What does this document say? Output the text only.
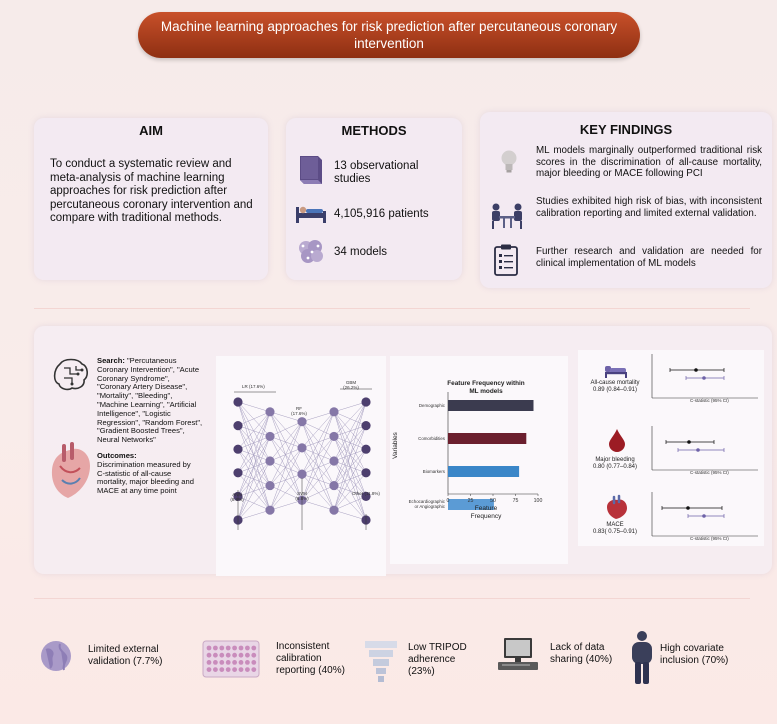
Machine learning approaches for risk prediction after percutaneous coronary intervention
AIM
To conduct a systematic review and meta-analysis of machine learning approaches for risk prediction after percutaneous coronary intervention and compare with traditional methods.
METHODS
13 observational studies
4,105,916 patients
34 models
KEY FINDINGS
ML models marginally outperformed traditional risk scores in the discrimination of all-cause mortality, major bleeding or MACE following PCI
Studies exhibited high risk of bias, with inconsistent calibration reporting and limited external validation.
Further research and validation are needed for clinical implementation of ML models
Search: "Percutaneous Coronary Intervention", "Acute Coronary Syndrome", "Coronary Artery Disease", "Mortality", "Bleeding", "Machine Learning", "Artificial Intelligence", "Logistic Regression", "Random Forest", "Gradient Boosted Trees", Neural Networks"
Outcomes:
Discrimination measured by C-statistic of all-cause mortality, major bleeding and MACE at any time point
LR (17.6%)
GBM (26.2%)
RF (17.6%)
ANN (8.8%)
SVM (8.8%)
Other (11.8%)
Feature Frequency within ML models
Variables
Demographic
Comorbidities
Biomarkers
Echocardiographic
or Angiographic
0	25	50	75	100
Feature Frequency
All-cause mortality
0.89 (0.84–0.91)
Major bleeding
0.80 (0.77–0.84)
MACE
0.83( 0.75–0.91)
C-statistic (95% CI)
C-statistic (95% CI)
C-statistic (95% CI)
Limited external validation (7.7%)
Inconsistent calibration reporting (40%)
Low TRIPOD adherence (23%)
Lack of data sharing (40%)
High covariate inclusion (70%)
